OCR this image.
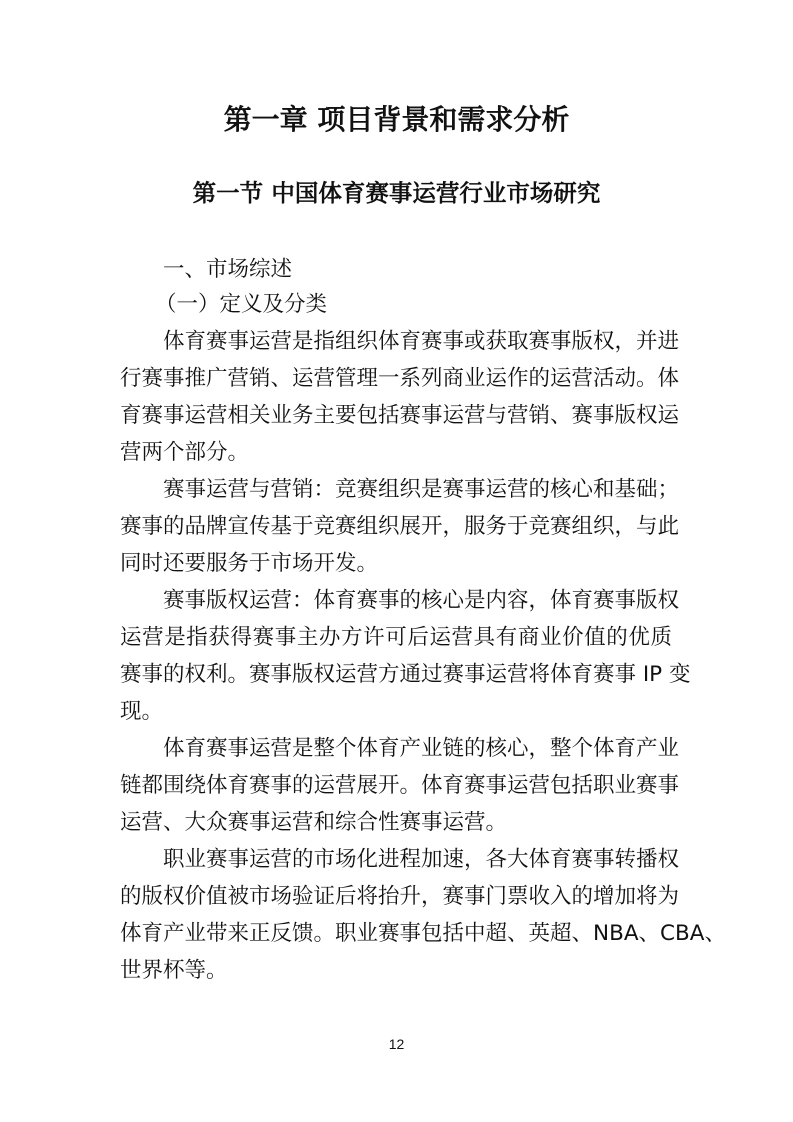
第一章 项目背景和需求分析
第一节 中国体育赛事运营行业市场研究
一、市场综述
（一）定义及分类
体育赛事运营是指组织体育赛事或获取赛事版权，并进
行赛事推广营销、运营管理一系列商业运作的运营活动。体
育赛事运营相关业务主要包括赛事运营与营销、赛事版权运
营两个部分。
赛事运营与营销：竞赛组织是赛事运营的核心和基础；
赛事的品牌宣传基于竞赛组织展开，服务于竞赛组织，与此
同时还要服务于市场开发。
赛事版权运营：体育赛事的核心是内容，体育赛事版权
运营是指获得赛事主办方许可后运营具有商业价值的优质
赛事的权利。赛事版权运营方通过赛事运营将体育赛事 IP 变
现。
体育赛事运营是整个体育产业链的核心，整个体育产业
链都围绕体育赛事的运营展开。体育赛事运营包括职业赛事
运营、大众赛事运营和综合性赛事运营。
职业赛事运营的市场化进程加速，各大体育赛事转播权
的版权价值被市场验证后将抬升，赛事门票收入的增加将为
体育产业带来正反馈。职业赛事包括中超、英超、NBA、CBA、
世界杯等。
12
